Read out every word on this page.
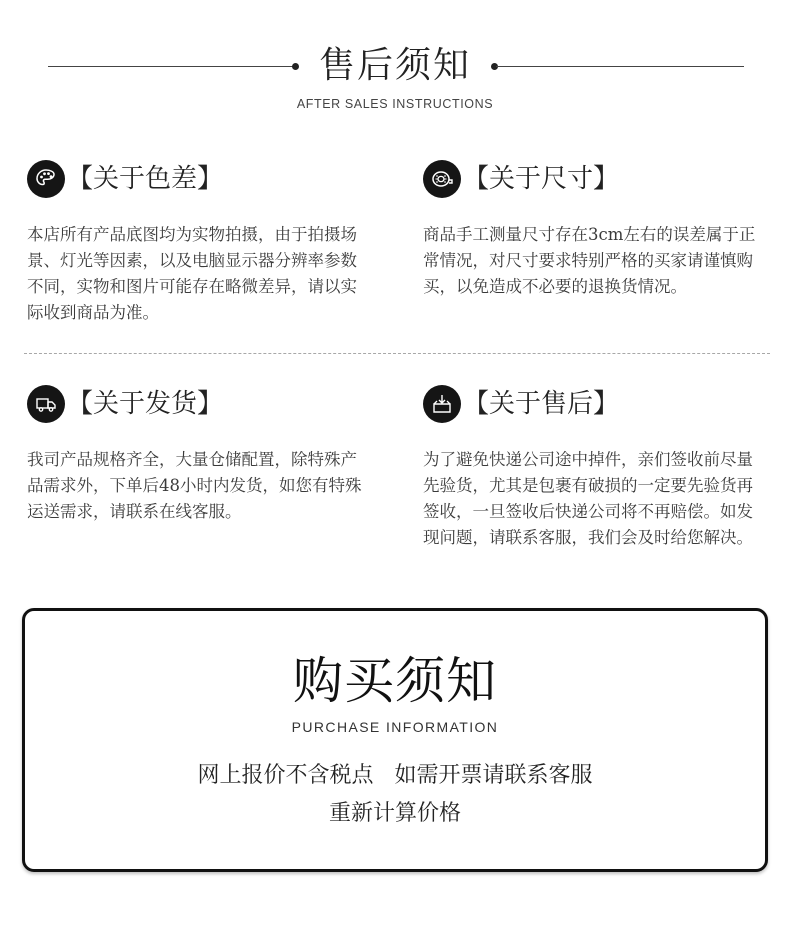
售后须知
AFTER SALES INSTRUCTIONS
【关于色差】
本店所有产品底图均为实物拍摄，由于拍摄场景、灯光等因素，以及电脑显示器分辨率参数不同，实物和图片可能存在略微差异，请以实际收到商品为准。
【关于尺寸】
商品手工测量尺寸存在3cm左右的误差属于正常情况，对尺寸要求特别严格的买家请谨慎购买，以免造成不必要的退换货情况。
【关于发货】
我司产品规格齐全，大量仓储配置，除特殊产品需求外，下单后48小时内发货，如您有特殊运送需求，请联系在线客服。
【关于售后】
为了避免快递公司途中掉件，亲们签收前尽量先验货，尤其是包裹有破损的一定要先验货再签收，一旦签收后快递公司将不再赔偿。如发现问题，请联系客服，我们会及时给您解决。
购买须知
PURCHASE INFORMATION
网上报价不含税点   如需开票请联系客服
重新计算价格
